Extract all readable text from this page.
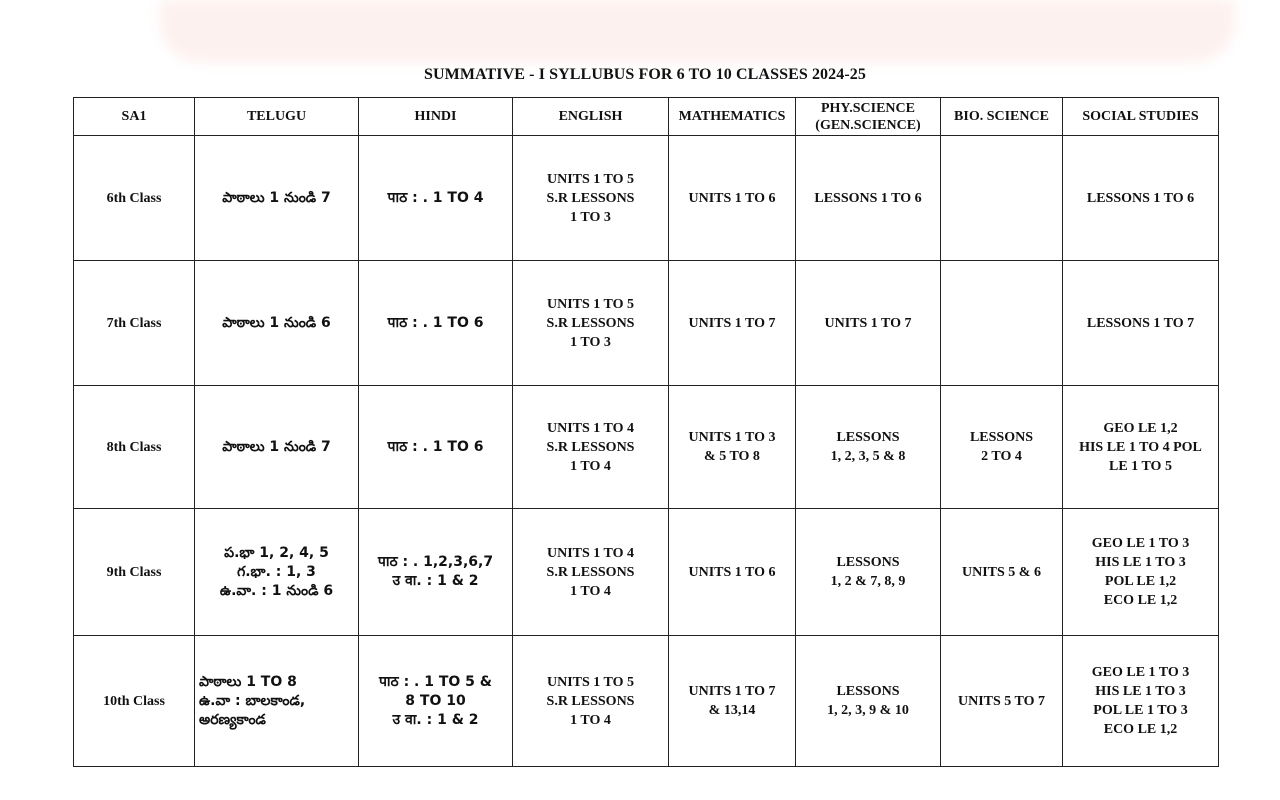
SUMMATIVE - I SYLLUBUS FOR 6 TO 10 CLASSES 2024-25
SA1	TELUGU	HINDI	ENGLISH	MATHEMATICS	PHY.SCIENCE
(GEN.SCIENCE)	BIO. SCIENCE	SOCIAL STUDIES
6th Class	పాఠాలు 1 నుండి 7	पाठ : . 1 TO 4	UNITS 1 TO 5
S.R LESSONS
1 TO 3	UNITS 1 TO 6	LESSONS 1 TO 6		LESSONS 1 TO 6
7th Class	పాఠాలు 1 నుండి 6	पाठ : . 1 TO 6	UNITS 1 TO 5
S.R LESSONS
1 TO 3	UNITS 1 TO 7	UNITS 1 TO 7		LESSONS 1 TO 7
8th Class	పాఠాలు 1 నుండి 7	पाठ : . 1 TO 6	UNITS 1 TO 4
S.R LESSONS
1 TO 4	UNITS 1 TO 3
& 5 TO 8	LESSONS
1, 2, 3, 5 & 8	LESSONS
2 TO 4	GEO LE 1,2
HIS LE 1 TO 4 POL
LE 1 TO 5
9th Class	ప.భా 1, 2, 4, 5
గ.భా. : 1, 3
ఉ.వా. : 1 నుండి 6	पाठ : . 1,2,3,6,7
उ वा. : 1 & 2	UNITS 1 TO 4
S.R LESSONS
1 TO 4	UNITS 1 TO 6	LESSONS
1, 2 & 7, 8, 9	UNITS 5 & 6	GEO LE 1 TO 3
HIS LE 1 TO 3
POL LE 1,2
ECO LE 1,2
10th Class	పాఠాలు 1 TO 8
ఉ.వా : బాలకాండ,
అరణ్యకాండ	पाठ : . 1 TO 5 &
8 TO 10
उ वा. : 1 & 2	UNITS 1 TO 5
S.R LESSONS
1 TO 4	UNITS 1 TO 7
& 13,14	LESSONS
1, 2, 3, 9 & 10	UNITS 5 TO 7	GEO LE 1 TO 3
HIS LE 1 TO 3
POL LE 1 TO 3
ECO LE 1,2
